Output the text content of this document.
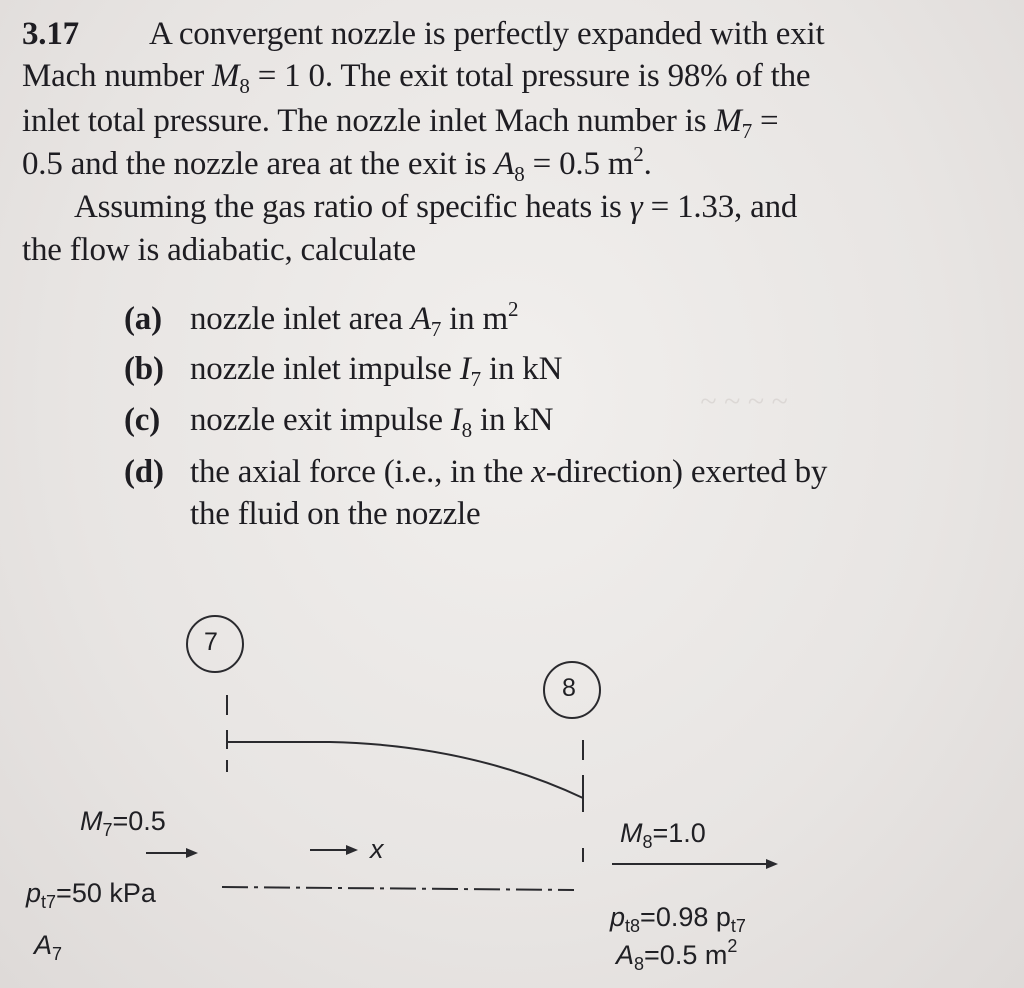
~ ~ ~ ~
3.17 A convergent nozzle is perfectly expanded with exit
Mach number $M_8 = 1$ 0. The exit total pressure is 98% of the
inlet total pressure. The nozzle inlet Mach number is $M_7$ =
0.5 and the nozzle area at the exit is $A_8 = 0.5$ $m^2$.
Assuming the gas ratio of specific heats is γ = 1.33, and
the flow is adiabatic, calculate
(a) nozzle inlet area $A_7$ in $m^2$
(b) nozzle inlet impulse $I_7$ in kN
(c) nozzle exit impulse $I_8$ in kN
(d) the axial force (i.e., in the x-direction) exerted by
the fluid on the nozzle
7
8
x
$M_7=0.5$
$p_{t7}=50$ kPa
$A_7$
$M_8=1.0$
$p_{t8}=0.98$ $p_{t7}$
$A_8=0.5$ $m^2$
